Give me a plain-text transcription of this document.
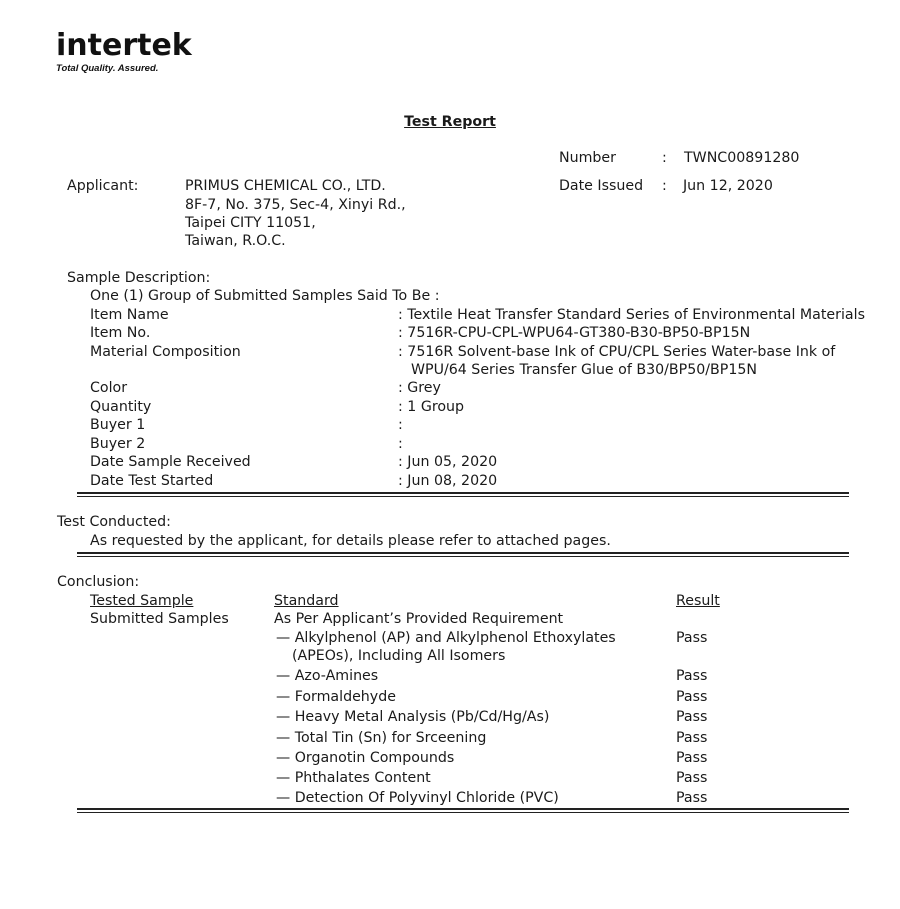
intertek
Total Quality. Assured.
Test Report
Number	: TWNC00891280
Date Issued : Jun 12, 2020
Applicant:	PRIMUS CHEMICAL CO., LTD.
8F-7, No. 375, Sec-4, Xinyi Rd.,
Taipei CITY 11051,
Taiwan, R.O.C.
Sample Description:
One (1) Group of Submitted Samples Said To Be :
Item Name	: Textile Heat Transfer Standard Series of Environmental Materials
Item No.	: 7516R-CPU-CPL-WPU64-GT380-B30-BP50-BP15N
Material Composition	: 7516R Solvent-base Ink of CPU/CPL Series Water-base Ink of
WPU/64 Series Transfer Glue of B30/BP50/BP15N
Color	: Grey
Quantity	: 1 Group
Buyer 1	:
Buyer 2	:
Date Sample Received	: Jun 05, 2020
Date Test Started	: Jun 08, 2020
Test Conducted:
As requested by the applicant, for details please refer to attached pages.
Conclusion:
Tested Sample	Standard	Result
Submitted Samples	As Per Applicant’s Provided Requirement
— Alkylphenol (AP) and Alkylphenol Ethoxylates
(APEOs), Including All Isomers
Pass
— Azo-Amines	Pass
— Formaldehyde	Pass
— Heavy Metal Analysis (Pb/Cd/Hg/As)	Pass
— Total Tin (Sn) for Srceening	Pass
— Organotin Compounds	Pass
— Phthalates Content	Pass
— Detection Of Polyvinyl Chloride (PVC)	Pass
